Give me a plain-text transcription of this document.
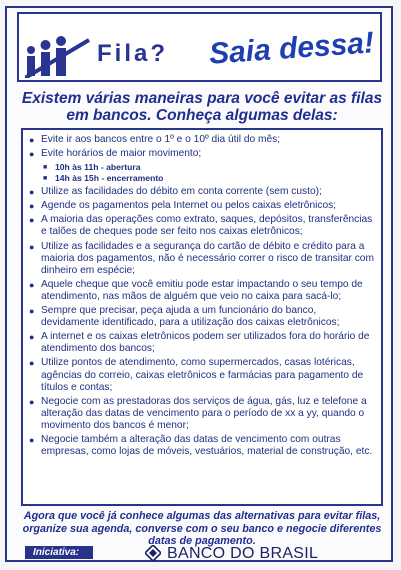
Fila? Saia dessa!
Existem várias maneiras para você evitar as filas em bancos. Conheça algumas delas:
● Evite ir aos bancos entre o 1º e o 10º dia útil do mês;
● Evite horários de maior movimento;
■ 10h às 11h - abertura
■ 14h às 15h - encerramento
● Utilize as facilidades do débito em conta corrente (sem custo);
● Agende os pagamentos pela Internet ou pelos caixas eletrônicos;
● A maioria das operações como extrato, saques, depósitos, transferências e talões de cheques pode ser feito nos caixas eletrônicos;
● Utilize as facilidades e a segurança do cartão de débito e crédito para a maioria dos pagamentos, não é necessário correr o risco de transitar com dinheiro em espécie;
● Aquele cheque que você emitiu pode estar impactando o seu tempo de atendimento, nas mãos de alguém que veio no caixa para sacá-lo;
● Sempre que precisar, peça ajuda a um funcionário do banco, devidamente identificado, para a utilização dos caixas eletrônicos;
● A internet e os caixas eletrônicos podem ser utilizados fora do horário de atendimento dos bancos;
● Utilize pontos de atendimento, como supermercados, casas lotéricas, agências do correio, caixas eletrônicos e farmácias para pagamento de títulos e contas;
● Negocie com as prestadoras dos serviços de água, gás, luz e telefone a alteração das datas de vencimento para o período de xx a yy, quando o movimento dos bancos é menor;
● Negocie também a alteração das datas de vencimento com outras empresas, como lojas de móveis, vestuários, material de construção, etc.
Agora que você já conhece algumas das alternativas para evitar filas, organize sua agenda, converse com o seu banco e negocie diferentes datas de pagamento.
Iniciativa:	BANCO DO BRASIL
